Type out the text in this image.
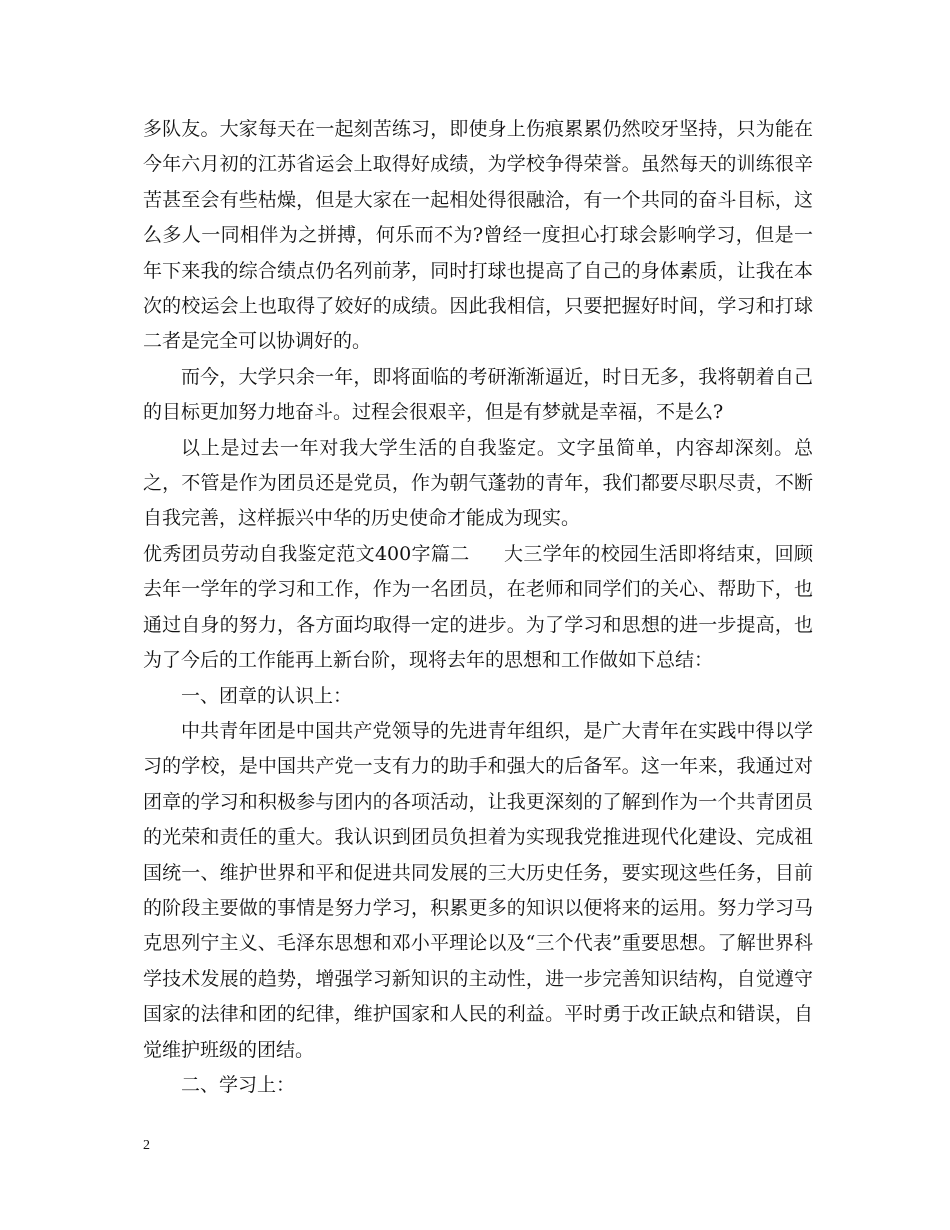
多队友。大家每天在一起刻苦练习，即使身上伤痕累累仍然咬牙坚持，只为能在今年六月初的江苏省运会上取得好成绩，为学校争得荣誉。虽然每天的训练很辛苦甚至会有些枯燥，但是大家在一起相处得很融洽，有一个共同的奋斗目标，这么多人一同相伴为之拼搏，何乐而不为?曾经一度担心打球会影响学习，但是一年下来我的综合绩点仍名列前茅，同时打球也提高了自己的身体素质，让我在本次的校运会上也取得了姣好的成绩。因此我相信，只要把握好时间，学习和打球二者是完全可以协调好的。

而今，大学只余一年，即将面临的考研渐渐逼近，时日无多，我将朝着自己的目标更加努力地奋斗。过程会很艰辛，但是有梦就是幸福，不是么?

以上是过去一年对我大学生活的自我鉴定。文字虽简单，内容却深刻。总之，不管是作为团员还是党员，作为朝气蓬勃的青年，我们都要尽职尽责，不断自我完善，这样振兴中华的历史使命才能成为现实。

优秀团员劳动自我鉴定范文400字篇二 大三学年的校园生活即将结束，回顾去年一学年的学习和工作，作为一名团员，在老师和同学们的关心、帮助下，也通过自身的努力，各方面均取得一定的进步。为了学习和思想的进一步提高，也为了今后的工作能再上新台阶，现将去年的思想和工作做如下总结：

一、团章的认识上：

中共青年团是中国共产党领导的先进青年组织，是广大青年在实践中得以学习的学校，是中国共产党一支有力的助手和强大的后备军。这一年来，我通过对团章的学习和积极参与团内的各项活动，让我更深刻的了解到作为一个共青团员的光荣和责任的重大。我认识到团员负担着为实现我党推进现代化建设、完成祖国统一、维护世界和平和促进共同发展的三大历史任务，要实现这些任务，目前的阶段主要做的事情是努力学习，积累更多的知识以便将来的运用。努力学习马克思列宁主义、毛泽东思想和邓小平理论以及“三个代表”重要思想。了解世界科学技术发展的趋势，增强学习新知识的主动性，进一步完善知识结构，自觉遵守国家的法律和团的纪律，维护国家和人民的利益。平时勇于改正缺点和错误，自觉维护班级的团结。

二、学习上：

2
